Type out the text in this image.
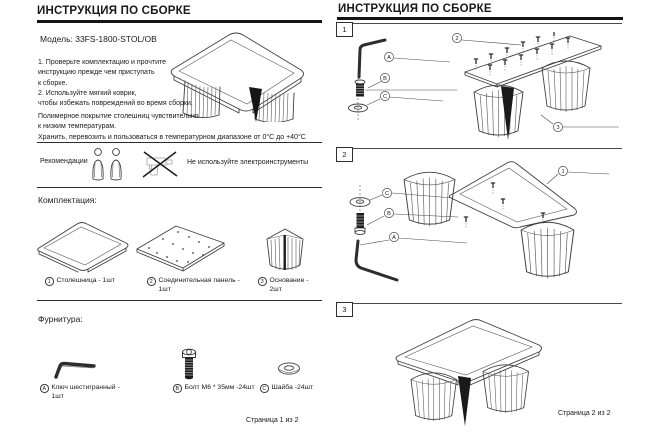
ИНСТРУКЦИЯ ПО СБОРКЕ
Модель: 33FS-1800-STOL/OB
1. Проверьте комплектацию и прочтите
инструкцию прежде чем приступать
к сборке.
2. Используйте мягкий коврик,
чтобы избежать повреждений во время сборки.
Полимерное покрытие столешниц чувствительно
к низким температурам.
Хранить, перевозить и пользоваться в температурном диапазоне от 0°С до +40°С
Рекомендации	Не используйте электроинструменты
Комплектация:
1 Столешница - 1шт	2 Соединительная панель - 1шт
3 Основание - 2шт
Фурнитура:
A Ключ шестигранный - 1шт
B Болт М6 * 35мм -24шт	C Шайба -24шт
Страница 1 из 2
ИНСТРУКЦИЯ ПО СБОРКЕ
1
A
B
C
2
3
2
C
B
A
1
3
Страница 2 из 2
